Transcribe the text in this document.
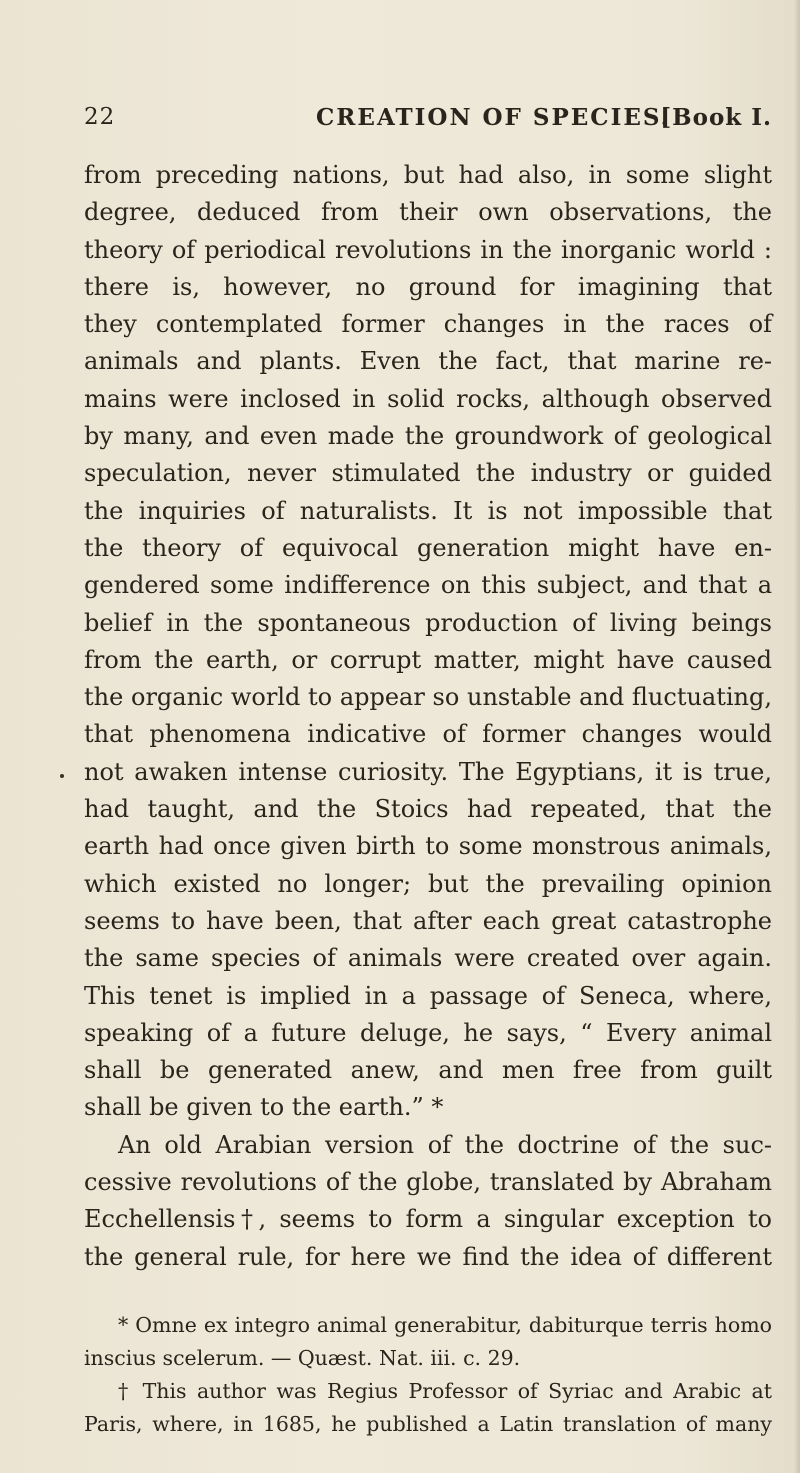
22	CREATION OF SPECIES.
[Book I.
from preceding nations, but had also, in some slight
degree, deduced from their own observations, the
theory of periodical revolutions in the inorganic world :
there is, however, no ground for imagining that
they contemplated former changes in the races of
animals and plants. Even the fact, that marine re-
mains were inclosed in solid rocks, although observed
by many, and even made the groundwork of geological
speculation, never stimulated the industry or guided
the inquiries of naturalists. It is not impossible that
the theory of equivocal generation might have en-
gendered some indifference on this subject, and that a
belief in the spontaneous production of living beings
from the earth, or corrupt matter, might have caused
the organic world to appear so unstable and fluctuating,
that phenomena indicative of former changes would
not awaken intense curiosity. The Egyptians, it is true,
had taught, and the Stoics had repeated, that the
earth had once given birth to some monstrous animals,
which existed no longer; but the prevailing opinion
seems to have been, that after each great catastrophe
the same species of animals were created over again.
This tenet is implied in a passage of Seneca, where,
speaking of a future deluge, he says, “ Every animal
shall be generated anew, and men free from guilt
shall be given to the earth.” *
An old Arabian version of the doctrine of the suc-
cessive revolutions of the globe, translated by Abraham
Ecchellensis†, seems to form a singular exception to
the general rule, for here we find the idea of different
* Omne ex integro animal generabitur, dabiturque terris homo
inscius scelerum. — Quæst. Nat. iii. c. 29.
† This author was Regius Professor of Syriac and Arabic at
Paris, where, in 1685, he published a Latin translation of many
